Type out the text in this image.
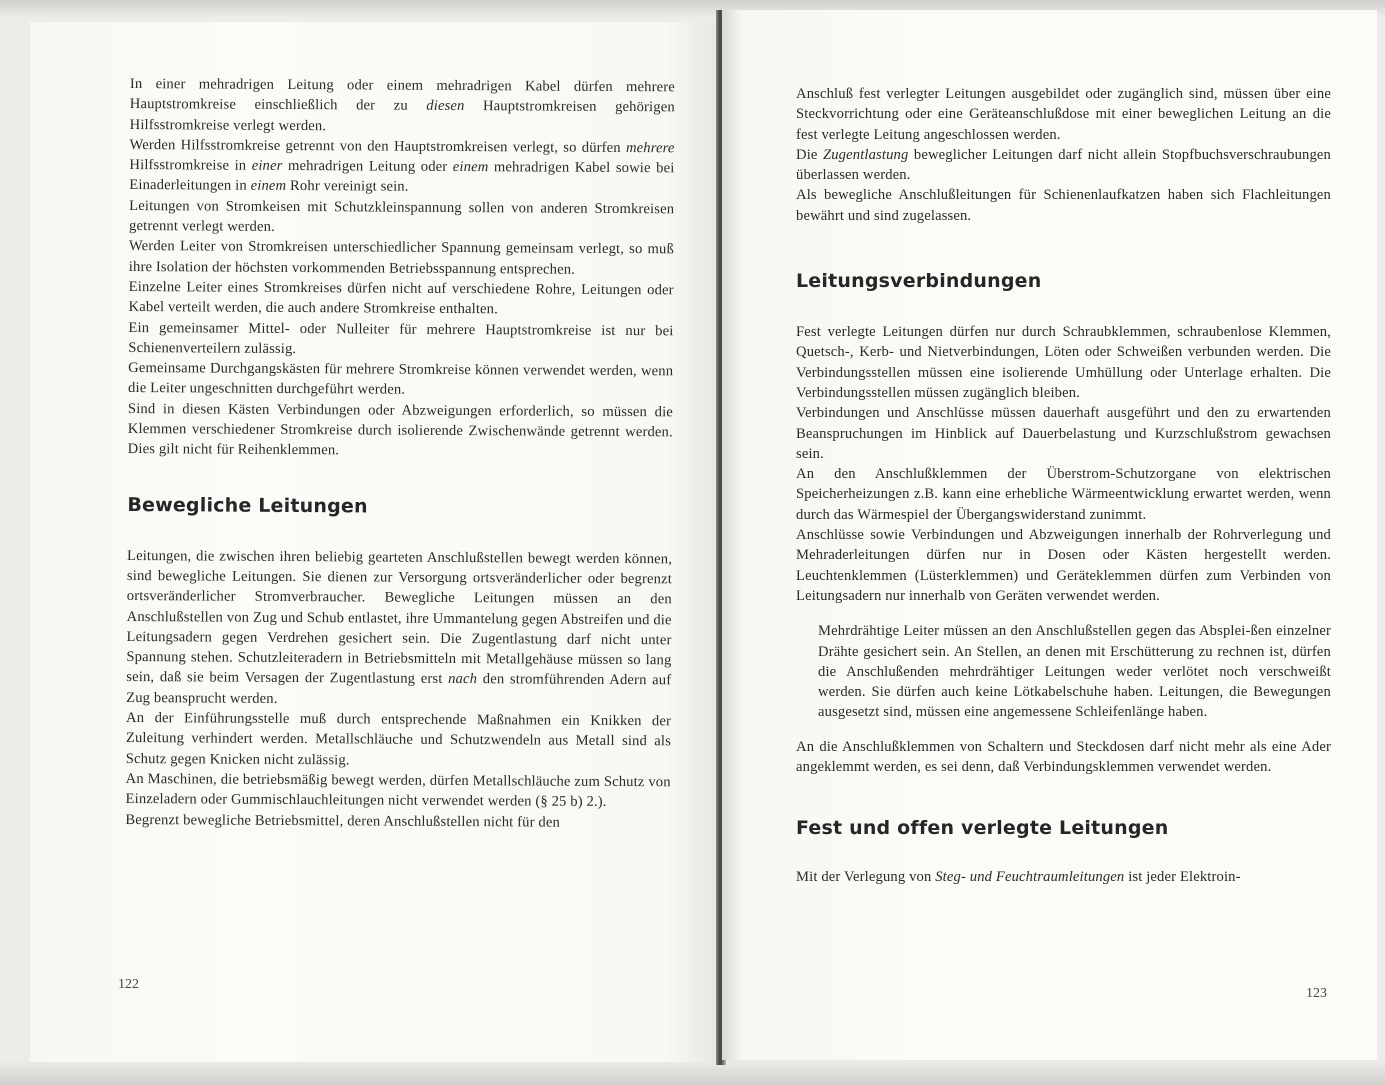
In einer mehradrigen Leitung oder einem mehradrigen Kabel dürfen mehrere Hauptstromkreise einschließlich der zu diesen Hauptstromkreisen gehörigen Hilfsstromkreise verlegt werden.

Werden Hilfsstromkreise getrennt von den Hauptstromkreisen verlegt, so dürfen mehrere Hilfsstromkreise in einer mehradrigen Leitung oder einem mehradrigen Kabel sowie bei Einaderleitungen in einem Rohr vereinigt sein.

Leitungen von Stromkeisen mit Schutzkleinspannung sollen von anderen Stromkreisen getrennt verlegt werden.

Werden Leiter von Stromkreisen unterschiedlicher Spannung gemeinsam verlegt, so muß ihre Isolation der höchsten vorkommenden Betriebsspannung entsprechen.

Einzelne Leiter eines Stromkreises dürfen nicht auf verschiedene Rohre, Leitungen oder Kabel verteilt werden, die auch andere Stromkreise enthalten.

Ein gemeinsamer Mittel- oder Nulleiter für mehrere Hauptstromkreise ist nur bei Schienenverteilern zulässig.

Gemeinsame Durchgangskästen für mehrere Stromkreise können verwendet werden, wenn die Leiter ungeschnitten durchgeführt werden.

Sind in diesen Kästen Verbindungen oder Abzweigungen erforderlich, so müssen die Klemmen verschiedener Stromkreise durch isolierende Zwischenwände getrennt werden. Dies gilt nicht für Reihenklemmen.

Bewegliche Leitungen

Leitungen, die zwischen ihren beliebig gearteten Anschlußstellen bewegt werden können, sind bewegliche Leitungen. Sie dienen zur Versorgung ortsveränderlicher oder begrenzt ortsveränderlicher Stromverbraucher. Bewegliche Leitungen müssen an den Anschlußstellen von Zug und Schub entlastet, ihre Ummantelung gegen Abstreifen und die Leitungsadern gegen Verdrehen gesichert sein. Die Zugentlastung darf nicht unter Spannung stehen. Schutzleiteradern in Betriebsmitteln mit Metallgehäuse müssen so lang sein, daß sie beim Versagen der Zugentlastung erst nach den stromführenden Adern auf Zug beansprucht werden.

An der Einführungsstelle muß durch entsprechende Maßnahmen ein Knikken der Zuleitung verhindert werden. Metallschläuche und Schutzwendeln aus Metall sind als Schutz gegen Knicken nicht zulässig.

An Maschinen, die betriebsmäßig bewegt werden, dürfen Metallschläuche zum Schutz von Einzeladern oder Gummischlauchleitungen nicht verwendet werden (§ 25 b) 2.).

Begrenzt bewegliche Betriebsmittel, deren Anschlußstellen nicht für den

122

Anschluß fest verlegter Leitungen ausgebildet oder zugänglich sind, müssen über eine Steckvorrichtung oder eine Geräteanschlußdose mit einer beweglichen Leitung an die fest verlegte Leitung angeschlossen werden.

Die Zugentlastung beweglicher Leitungen darf nicht allein Stopfbuchsverschraubungen überlassen werden.

Als bewegliche Anschlußleitungen für Schienenlaufkatzen haben sich Flachleitungen bewährt und sind zugelassen.

Leitungsverbindungen

Fest verlegte Leitungen dürfen nur durch Schraubklemmen, schraubenlose Klemmen, Quetsch-, Kerb- und Nietverbindungen, Löten oder Schweißen verbunden werden. Die Verbindungsstellen müssen eine isolierende Umhüllung oder Unterlage erhalten. Die Verbindungsstellen müssen zugänglich bleiben.

Verbindungen und Anschlüsse müssen dauerhaft ausgeführt und den zu erwartenden Beanspruchungen im Hinblick auf Dauerbelastung und Kurzschlußstrom gewachsen sein.

An den Anschlußklemmen der Überstrom-Schutzorgane von elektrischen Speicherheizungen z.B. kann eine erhebliche Wärmeentwicklung erwartet werden, wenn durch das Wärmespiel der Übergangswiderstand zunimmt.

Anschlüsse sowie Verbindungen und Abzweigungen innerhalb der Rohrverlegung und Mehraderleitungen dürfen nur in Dosen oder Kästen hergestellt werden. Leuchtenklemmen (Lüsterklemmen) und Geräteklemmen dürfen zum Verbinden von Leitungsadern nur innerhalb von Geräten verwendet werden.

Mehrdrähtige Leiter müssen an den Anschlußstellen gegen das Absplei-ßen einzelner Drähte gesichert sein. An Stellen, an denen mit Erschütterung zu rechnen ist, dürfen die Anschlußenden mehrdrähtiger Leitungen weder verlötet noch verschweißt werden. Sie dürfen auch keine Lötkabelschuhe haben. Leitungen, die Bewegungen ausgesetzt sind, müssen eine angemessene Schleifenlänge haben.

An die Anschlußklemmen von Schaltern und Steckdosen darf nicht mehr als eine Ader angeklemmt werden, es sei denn, daß Verbindungsklemmen verwendet werden.

Fest und offen verlegte Leitungen

Mit der Verlegung von Steg- und Feuchtraumleitungen ist jeder Elektroin-

123
